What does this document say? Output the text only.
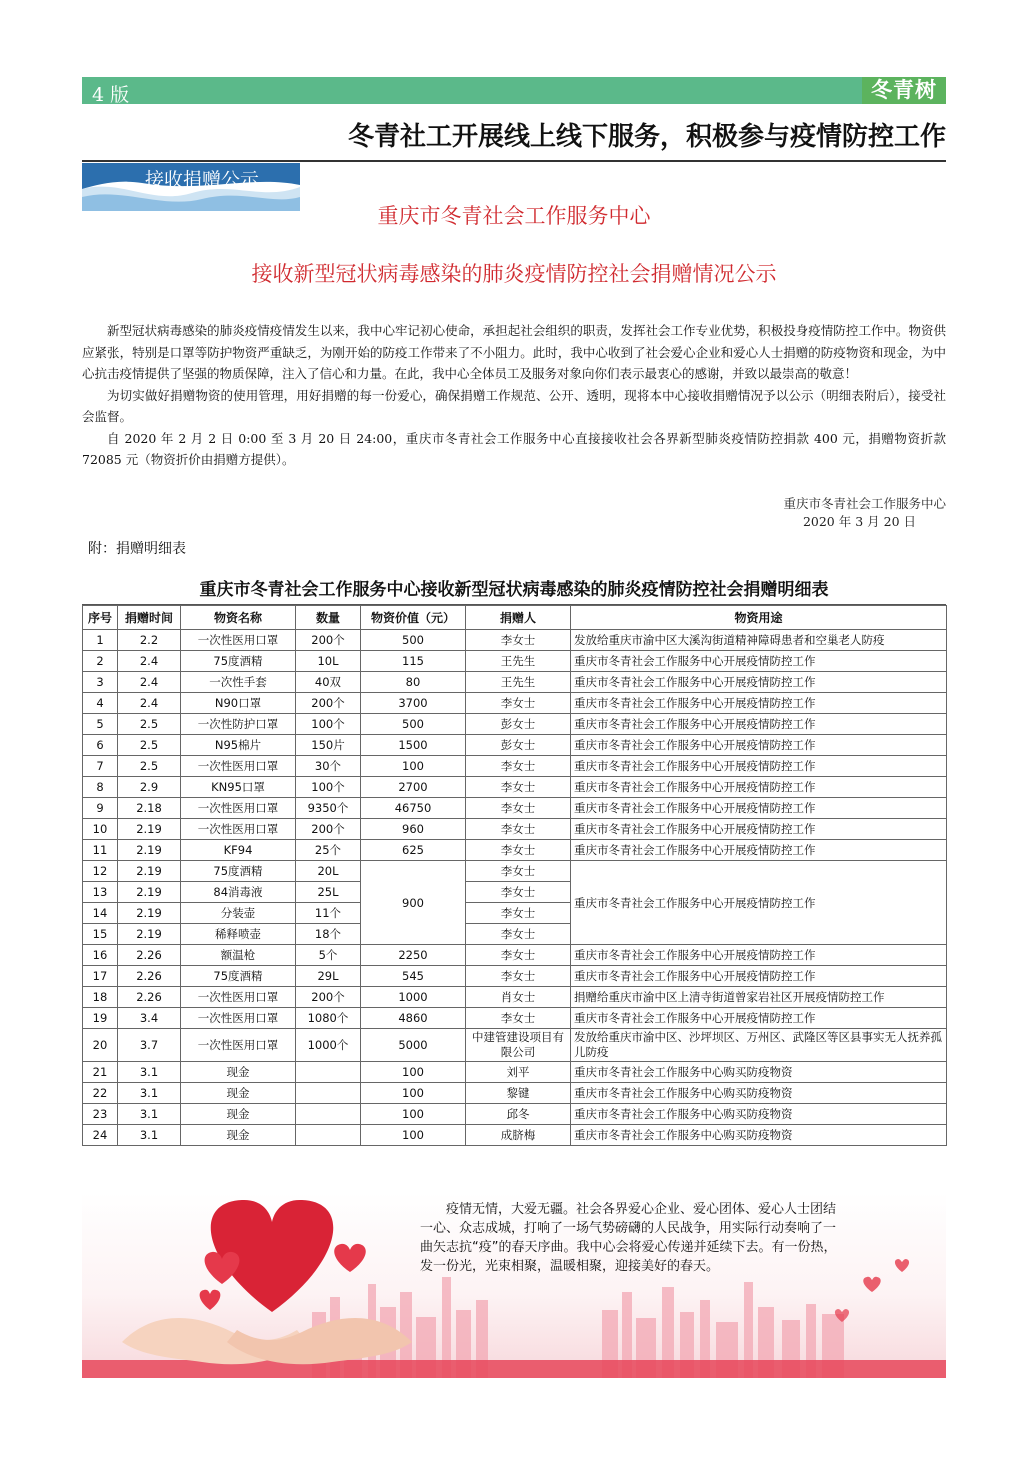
4 版	冬青树
冬青社工开展线上线下服务，积极参与疫情防控工作
接收捐赠公示
重庆市冬青社会工作服务中心
接收新型冠状病毒感染的肺炎疫情防控社会捐赠情况公示

新型冠状病毒感染的肺炎疫情疫情发生以来，我中心牢记初心使命，承担起社会组织的职责，发挥社会工作专业优势，积极投身疫情防控工作中。物资供应紧张，特别是口罩等防护物资严重缺乏，为刚开始的防疫工作带来了不小阻力。此时，我中心收到了社会爱心企业和爱心人士捐赠的防疫物资和现金，为中心抗击疫情提供了坚强的物质保障，注入了信心和力量。在此，我中心全体员工及服务对象向你们表示最衷心的感谢，并致以最崇高的敬意！

为切实做好捐赠物资的使用管理，用好捐赠的每一份爱心，确保捐赠工作规范、公开、透明，现将本中心接收捐赠情况予以公示（明细表附后），接受社会监督。

自 2020 年 2 月 2 日 0:00 至 3 月 20 日 24:00，重庆市冬青社会工作服务中心直接接收社会各界新型肺炎疫情防控捐款 400 元，捐赠物资折款 72085 元（物资折价由捐赠方提供）。

重庆市冬青社会工作服务中心
2020 年 3 月 20 日
附：捐赠明细表
重庆市冬青社会工作服务中心接收新型冠状病毒感染的肺炎疫情防控社会捐赠明细表
序号	捐赠时间	物资名称	数量	物资价值（元）	捐赠人	物资用途
1	2.2	一次性医用口罩	200个	500	李女士	发放给重庆市渝中区大溪沟街道精神障碍患者和空巢老人防疫
2	2.4	75度酒精	10L	115	王先生	重庆市冬青社会工作服务中心开展疫情防控工作
3	2.4	一次性手套	40双	80	王先生	重庆市冬青社会工作服务中心开展疫情防控工作
4	2.4	N90口罩	200个	3700	李女士	重庆市冬青社会工作服务中心开展疫情防控工作
5	2.5	一次性防护口罩	100个	500	彭女士	重庆市冬青社会工作服务中心开展疫情防控工作
6	2.5	N95棉片	150片	1500	彭女士	重庆市冬青社会工作服务中心开展疫情防控工作
7	2.5	一次性医用口罩	30个	100	李女士	重庆市冬青社会工作服务中心开展疫情防控工作
8	2.9	KN95口罩	100个	2700	李女士	重庆市冬青社会工作服务中心开展疫情防控工作
9	2.18	一次性医用口罩	9350个	46750	李女士	重庆市冬青社会工作服务中心开展疫情防控工作
10	2.19	一次性医用口罩	200个	960	李女士	重庆市冬青社会工作服务中心开展疫情防控工作
11	2.19	KF94	25个	625	李女士	重庆市冬青社会工作服务中心开展疫情防控工作
12	2.19	75度酒精	20L	900	李女士	重庆市冬青社会工作服务中心开展疫情防控工作
13	2.19	84消毒液	25L		李女士	
14	2.19	分装壶	11个		李女士	
15	2.19	稀释喷壶	18个		李女士	
16	2.26	额温枪	5个	2250	李女士	重庆市冬青社会工作服务中心开展疫情防控工作
17	2.26	75度酒精	29L	545	李女士	重庆市冬青社会工作服务中心开展疫情防控工作
18	2.26	一次性医用口罩	200个	1000	肖女士	捐赠给重庆市渝中区上清寺街道曾家岩社区开展疫情防控工作
19	3.4	一次性医用口罩	1080个	4860	李女士	重庆市冬青社会工作服务中心开展疫情防控工作
20	3.7	一次性医用口罩	1000个	5000	中建管建设项目有限公司	发放给重庆市渝中区、沙坪坝区、万州区、武隆区等区县事实无人抚养孤儿防疫
21	3.1	现金		100	刘平	重庆市冬青社会工作服务中心购买防疫物资
22	3.1	现金		100	黎键	重庆市冬青社会工作服务中心购买防疫物资
23	3.1	现金		100	邱冬	重庆市冬青社会工作服务中心购买防疫物资
24	3.1	现金		100	成脐梅	重庆市冬青社会工作服务中心购买防疫物资
疫情无情，大爱无疆。社会各界爱心企业、爱心团体、爱心人士团结一心、众志成城，打响了一场气势磅礴的人民战争，用实际行动奏响了一曲矢志抗“疫”的春天序曲。我中心会将爱心传递并延续下去。有一份热，发一份光，光束相聚，温暖相聚，迎接美好的春天。
